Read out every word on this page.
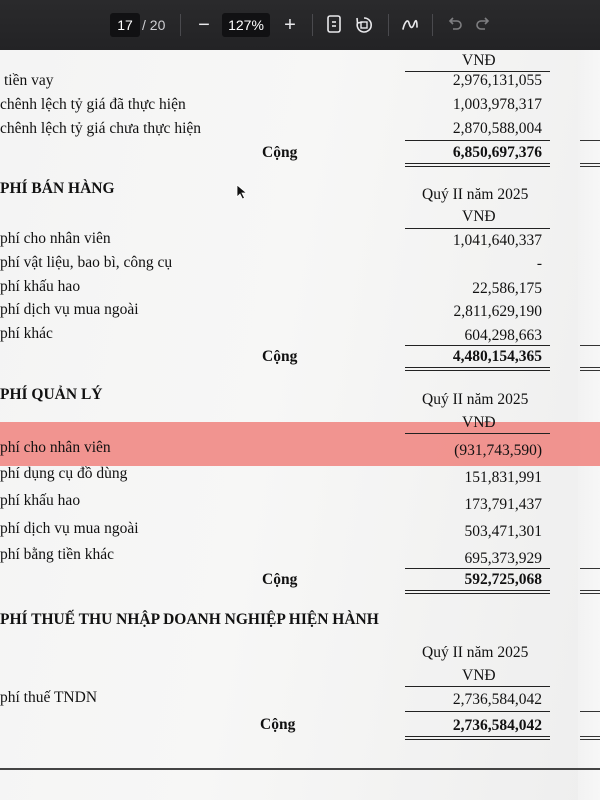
17 / 20	−	127%	+
VNĐ
tiền vay	2,976,131,055
chênh lệch tỷ giá đã thực hiện	1,003,978,317
chênh lệch tỷ giá chưa thực hiện	2,870,588,004
Cộng	6,850,697,376
PHÍ BÁN HÀNG	Quý II năm 2025
VNĐ
phí cho nhân viên	1,041,640,337
phí vật liệu, bao bì, công cụ	-
phí khấu hao	22,586,175
phí dịch vụ mua ngoài	2,811,629,190
phí khác	604,298,663
Cộng	4,480,154,365
PHÍ QUẢN LÝ	Quý II năm 2025
VNĐ
phí cho nhân viên	(931,743,590)
phí dụng cụ đồ dùng	151,831,991
phí khấu hao	173,791,437
phí dịch vụ mua ngoài	503,471,301
phí bằng tiền khác	695,373,929
Cộng	592,725,068
PHÍ THUẾ THU NHẬP DOANH NGHIỆP HIỆN HÀNH
Quý II năm 2025
VNĐ
phí thuế TNDN	2,736,584,042
Cộng	2,736,584,042
